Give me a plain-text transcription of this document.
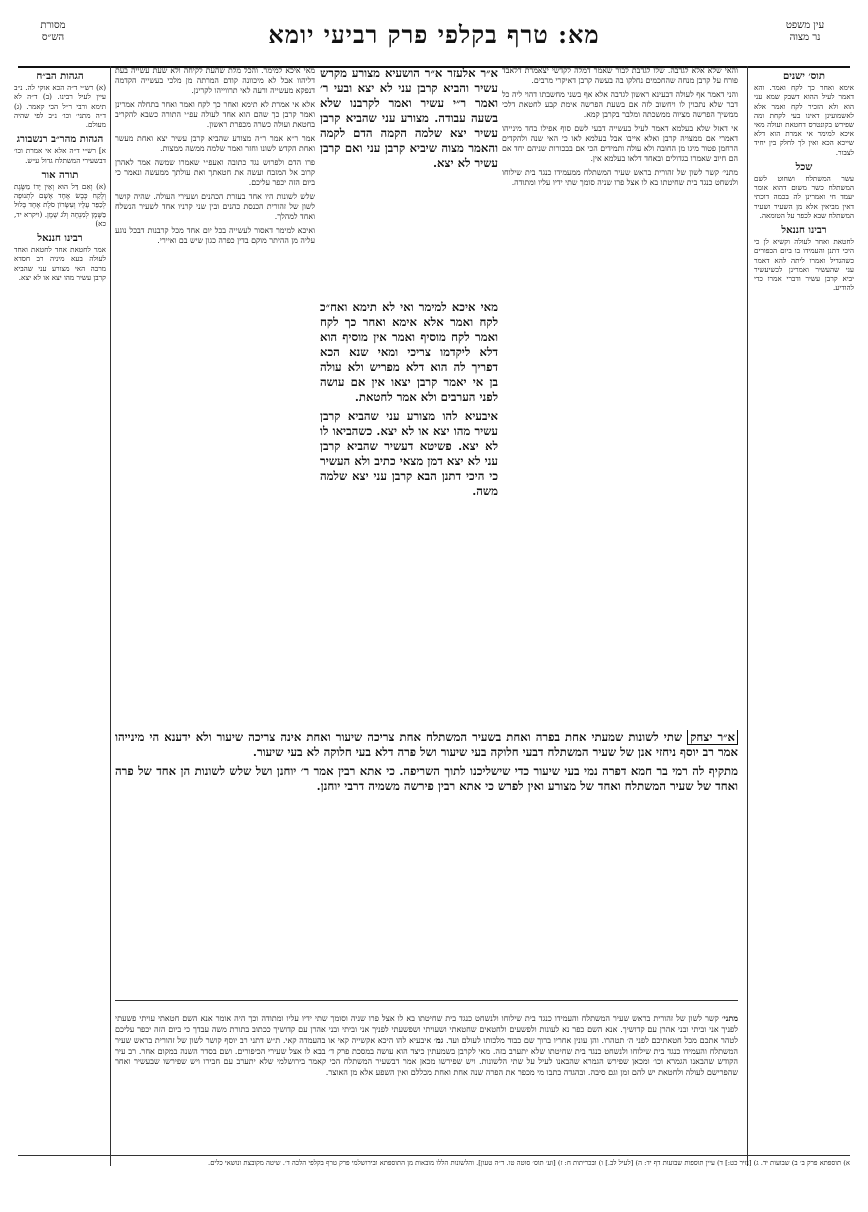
מסורת
הש״ס	מא: טרף בקלפי פרק רביעי יומא	עין משפט
נר מצוה
תוס׳ ישנים

אימא ואחר כך לקח ואמר. והא דאמר לעיל ההוא דשבק שמא עני הוא ולא הזכיר לקח ואמר אלא לאשמועינן דאינו בעי לקחת ומה שפירש בקונטרס דחטאת ועולה מאי איכא למימר אי אמרת הוא דלא שייכא הכא ואין לך לחלק בין יחיד לצבור.

שכל

עשר המשתלח ושחוט לשם המשתלח כשר משום דהוא אומר יעמד חי ואמרינן לה בכמה דוכתי דאין מביאין אלא מן השעיר ושעיר המשתלח שבא לכפר על הטומאה.

רבינו חננאל

לחטאת ואחר לעולה וקשיא לן כי היכי דתנן והעמידו בו ביום הכפורים כשהגדיל ואמרו ליתה להא דאמר עני שהעשיר ואמרינן לכשיעשיר יביא קרבן עשיר ודברי אמרו כדי להודיע.

הגהות הב״ח

(א) רש״י ד״ה הכא אוקי לה. נ״ב עיין לעיל רבינו. (ב) ד״ה לא תימא ורבי ר״ל הכי קאמר. (ג) ד״ה מתני׳ וכו׳ נ״ב לפי שהיה מעולם.

הגהות מהר״ב רנשבורג

א] רש״י ד״ה אלא אי אמרת וכו׳ דבשעירי המשתלח גדול ע״ש.

תורה אור

(א) וְאִם דַּל הוּא וְאֵין יָדוֹ מַשֶּׂגֶת וְלָקַח כֶּבֶשׂ אֶחָד אָשָׁם לִתְנוּפָה לְכַפֵּר עָלָיו וְעִשָּׂרוֹן סֹלֶת אֶחָד בָּלוּל בַּשֶּׁמֶן לְמִנְחָה וְלֹג שָׁמֶן. (ויקרא יד, כא)

רבינו חננאל

אמר לחטאת אחד לחטאת ואחד לעולה בעא מיניה רב חסדא מרבה האי מצורע עני שהביא קרבן עשיר מהו יצא או לא יצא.

והאי שלא אלא לגדבה. שלו לגדבת לבור שאמר דמלה לקדשי יצאמרת דלאבד פורח על קרבן מנחה שהחכמים נחלקו בה בעשה קרבן דאיקרי מרבים.

והני דאמר אף לעולה דבעינא ראשון לגדבה אלא אף בשני מחשבתו דהוי ליה כל דבר שלא נתכוין לו ויחשוב לזה אם בשעת הפרשה אימת קבע לחטאת דלכי ממשיך הפרשה מציוה ממשכתה ומלבר בקרבן קמא.

אי דאזל שלא בעלמא דאמר לעיל בעשייה דבעי לשם סוף אפילו בחד מינייהו דאמרי אם ממצויה קרבן ואלא אייבו אבל בעלמא לאו כי האי שנה ולהקדים הרחמן פטור מיגו מן החובה ולא עולה ותמידים הכי אם בבכורות שניהם יחד אם הם חיוב שאמרו בגדולים ובאחד דלאו בעלמא אין.

מתני׳ קשר לשון של זהורית בראש שעיר המשתלח ממעמידו כנגד בית שילוחו ולנשחט כנגד בית שחיטתו בא לו אצל פרו שניה סומך שתי ידיו עליו ומתודה.

מאי איכא למימר. והכל מלת שהעת לקיחה ולא שעת עשייה בעת דליהוו אבל לא מיכוונה קודם המרתה מן מלכי בעשייה הקדמה דנפקא מעשייה ורעה לאי תרווייהו לקרינן.

אלא אי אמרת לא תימא ואחר כך לקח ואמר ואחר בתחלה אמרינן ואמר קרבן כך שהם הוא אחד לעולה עפ״י התורה כשבא להקריב בחטאת ועולה כשרה מכפרת ראשון.

אמר ר״א אמר ר״ה מצורע שהביא קרבן עשיר יצא ואחת מעשר ואחת הקדש לשונו וחזר ואמר שלמה ממשה ממצות.

פרו הדם ולפרוש נגד כתובה ואעפ״י שאמרו שמשה אמר לאהרן קרוב אל המזבח ועשה את חטאתך ואת עולתך ממעשה ונאמר כי ביום הזה יכפר עליכם.

שלש לשונות היו אחד בעזרת הכהנים ושעירי העולה. שהיה קושר לשון של זהורית הכנסת כהנים ובין שני קרניו אחד לשעיר הנשלח ואחד למהלך.

ואיכא למימר דאסור לעשייה בכל יום אחד מכל קרבנות דבכל נוגע עליה מן ההיתר מוקם בדין כפרה כגון שיש בם ואיירי.

מאי איכא למימר ואי לא תימא ואח״כ לקח ואמר אלא אימא ואחר כך לקח ואמר לקח מוסיף ואמר אין מוסיף הוא דלא ליקדמו צריכי ומאי שנא הכא דפריך לה הוא דלא מפריש ולא עולה בן אי יאמר קרבן יצאו אין אם עושה לפני הערבים ולא אמר לחטאת.

איבעיא להו מצורע עני שהביא קרבן עשיר מהו יצא או לא יצא. כשהביאו לו לא יצא. פשיטא דעשיר שהביא קרבן עני לא יצא דמן מצאי כתיב ולא העשיר כי היכי דתנן הבא קרבן עני יצא שלמה משה.

א״ר יצחק שתי לשונות שמעתי אחת בפרה ואחת בשעיר המשתלח אחת צריכה שיעור ואחת אינה צריכה שיעור ולא ידענא הי מינייהו אמר רב יוסף ניחזי אנן של שעיר המשתלח דבעי חלוקה בעי שיעור ושל פרה דלא בעי חלוקה לא בעי שיעור.

מתקיף לה רמי בר חמא דפרה נמי בעי שיעור כדי שישליכנו לתוך השריפה. כי אתא רבין אמר ר׳ יוחנן ושל שלש לשונות הן אחד של פרה ואחד של שעיר המשתלח ואחד של מצורע ואין לפרש כי אתא רבין פירשה משמיה דרבי יוחנן.

א״ר אלעזר א״ר הושעיא מצורע מקרש עשיר והביא קרבן עני לא יצא ובעי ר׳ ואמר ר״י עשיר ואמר לקרבנו שלא בשעה עבודה. מצורע עני שהביא קרבן עשיר יצא שלמה הקמה הדם לקמה והאמר מצוה שיביא קרבן עני ואם קרבן עשיר לא יצא.

מתני׳ קשר לשון של זהורית בראש שעיר המשתלח והעמידו כנגד בית שילוחו ולנשחט כנגד בית שחיטתו בא לו אצל פרו שניה וסומך שתי ידיו עליו ומתודה וכך היה אומר אנא השם חטאתי עויתי פשעתי לפניך אני וביתי ובני אהרן עם קדושיך. אנא השם כפר נא לעונות ולפשעים ולחטאים שחטאתי ושעויתי ושפשעתי לפניך אני וביתי ובני אהרן עם קדושיך ככתוב בתורת משה עבדך כי ביום הזה יכפר עליכם לטהר אתכם מכל חטאתיכם לפני ה׳ תטהרו. והן עונין אחריו ברוך שם כבוד מלכותו לעולם ועד. גמ׳ איבעיא להו היכא אקשייה קאי או בהעמדה קאי. ת״ש דתני רב יוסף קושר לשון של זהורית בראש שעיר המשתלח והעמידו כנגד בית שילוחו ולנשחט כנגד בית שחיטתו שלא יתערב בזה. מאי לקרבן בשמעתין כיצד הוא עושה במסכת פרק ד׳ בבא לו אצל שעירי הכיפורים. ושם בסדר השנה במקום אחר. רב עיר הקודש שהבאנו הגמרא וכו׳ ומכאן שפירש הגמרא שהבאנו לעיל על שתי הלשונות. ויש שפירשו מכאן אמר דבשעיר המשתלח הכי קאמר בירושלמי שלא יתערב עם חבירו ויש שפירשו שבעשיר ואחר שהפרישם לעולה ולחטאת יש להם זמן וגם סיבה. ובהגדה כתבו מי מכפר את הפרה שנה אחת ואחת מכללם ואין השפע אלא מן האוצר.

א) תוספתא פרק ב׳ ב) שבועות יד. ג) [נזיר כט:] ד) עיין תוספות שבועות דף יד: ה) [לעיל לב.] ו) ובכריתות ח: ז) [וע׳ תוס׳ סוטה טו. ד״ה טעון]. והלשונות הללו מובאות מן התוספתא ובירושלמי פרק טרף בקלפי הלכה ד׳. שיטה מקובצת ונושאי כלים.
